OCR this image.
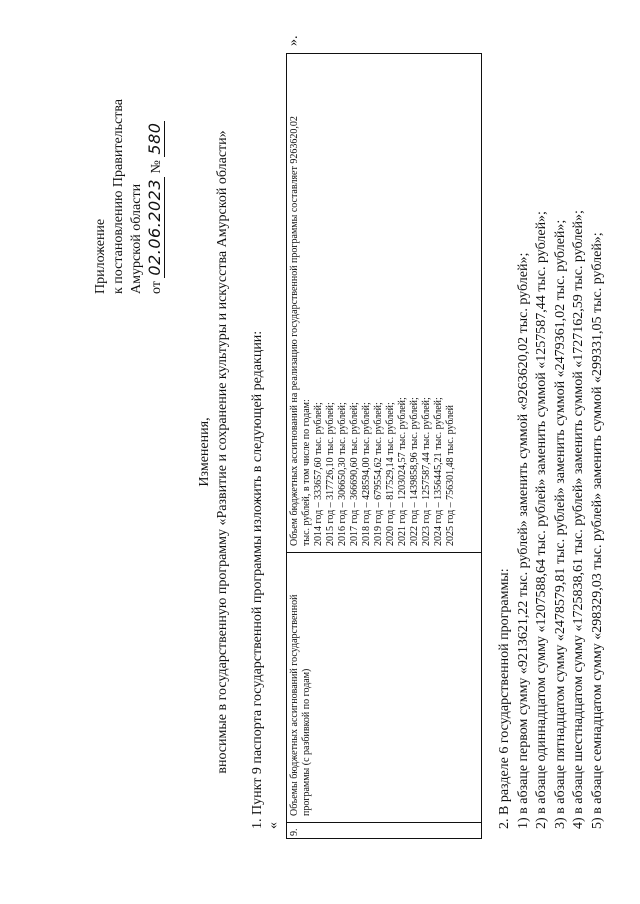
Приложение к постановлению Правительства Амурской области от 02.06.2023 № 580
Изменения, вносимые в государственную программу «Развитие и сохранение культуры и искусства Амурской области» 1. Пункт 9 паспорта государственной программы изложить в следующей редакции: «
9.
Объемы бюджетных ассигнований государственной программы (с разбивкой по годам)
Объем бюджетных ассигнований на реализацию государственной программы составляет 9263620,02 тыс. рублей, в том числе по годам: 2014 год – 333657,60 тыс. рублей; 2015 год – 317726,10 тыс. рублей; 2016 год – 306650,30 тыс. рублей; 2017 год – 366690,60 тыс. рублей; 2018 год – 428594,00 тыс. рублей; 2019 год – 679554,62 тыс. рублей; 2020 год – 817529,14 тыс. рублей; 2021 год – 1203024,57 тыс. рублей; 2022 год – 1439858,96 тыс. рублей; 2023 год – 1257587,44 тыс. рублей; 2024 год – 1356445,21 тыс. рублей; 2025 год – 756301,48 тыс. рублей
».
2. В разделе 6 государственной программы: 1) в абзаце первом сумму «9213621,22 тыс. рублей» заменить суммой «9263620,02 тыс. рублей»; 2) в абзаце одиннадцатом сумму «1207588,64 тыс. рублей» заменить суммой «1257587,44 тыс. рублей»; 3) в абзаце пятнадцатом сумму «2478579,81 тыс. рублей» заменить суммой «2479361,02 тыс. рублей»; 4) в абзаце шестнадцатом сумму «1725838,61 тыс. рублей» заменить суммой «1727162,59 тыс. рублей»; 5) в абзаце семнадцатом сумму «298329,03 тыс. рублей» заменить суммой «299331,05 тыс. рублей»;
